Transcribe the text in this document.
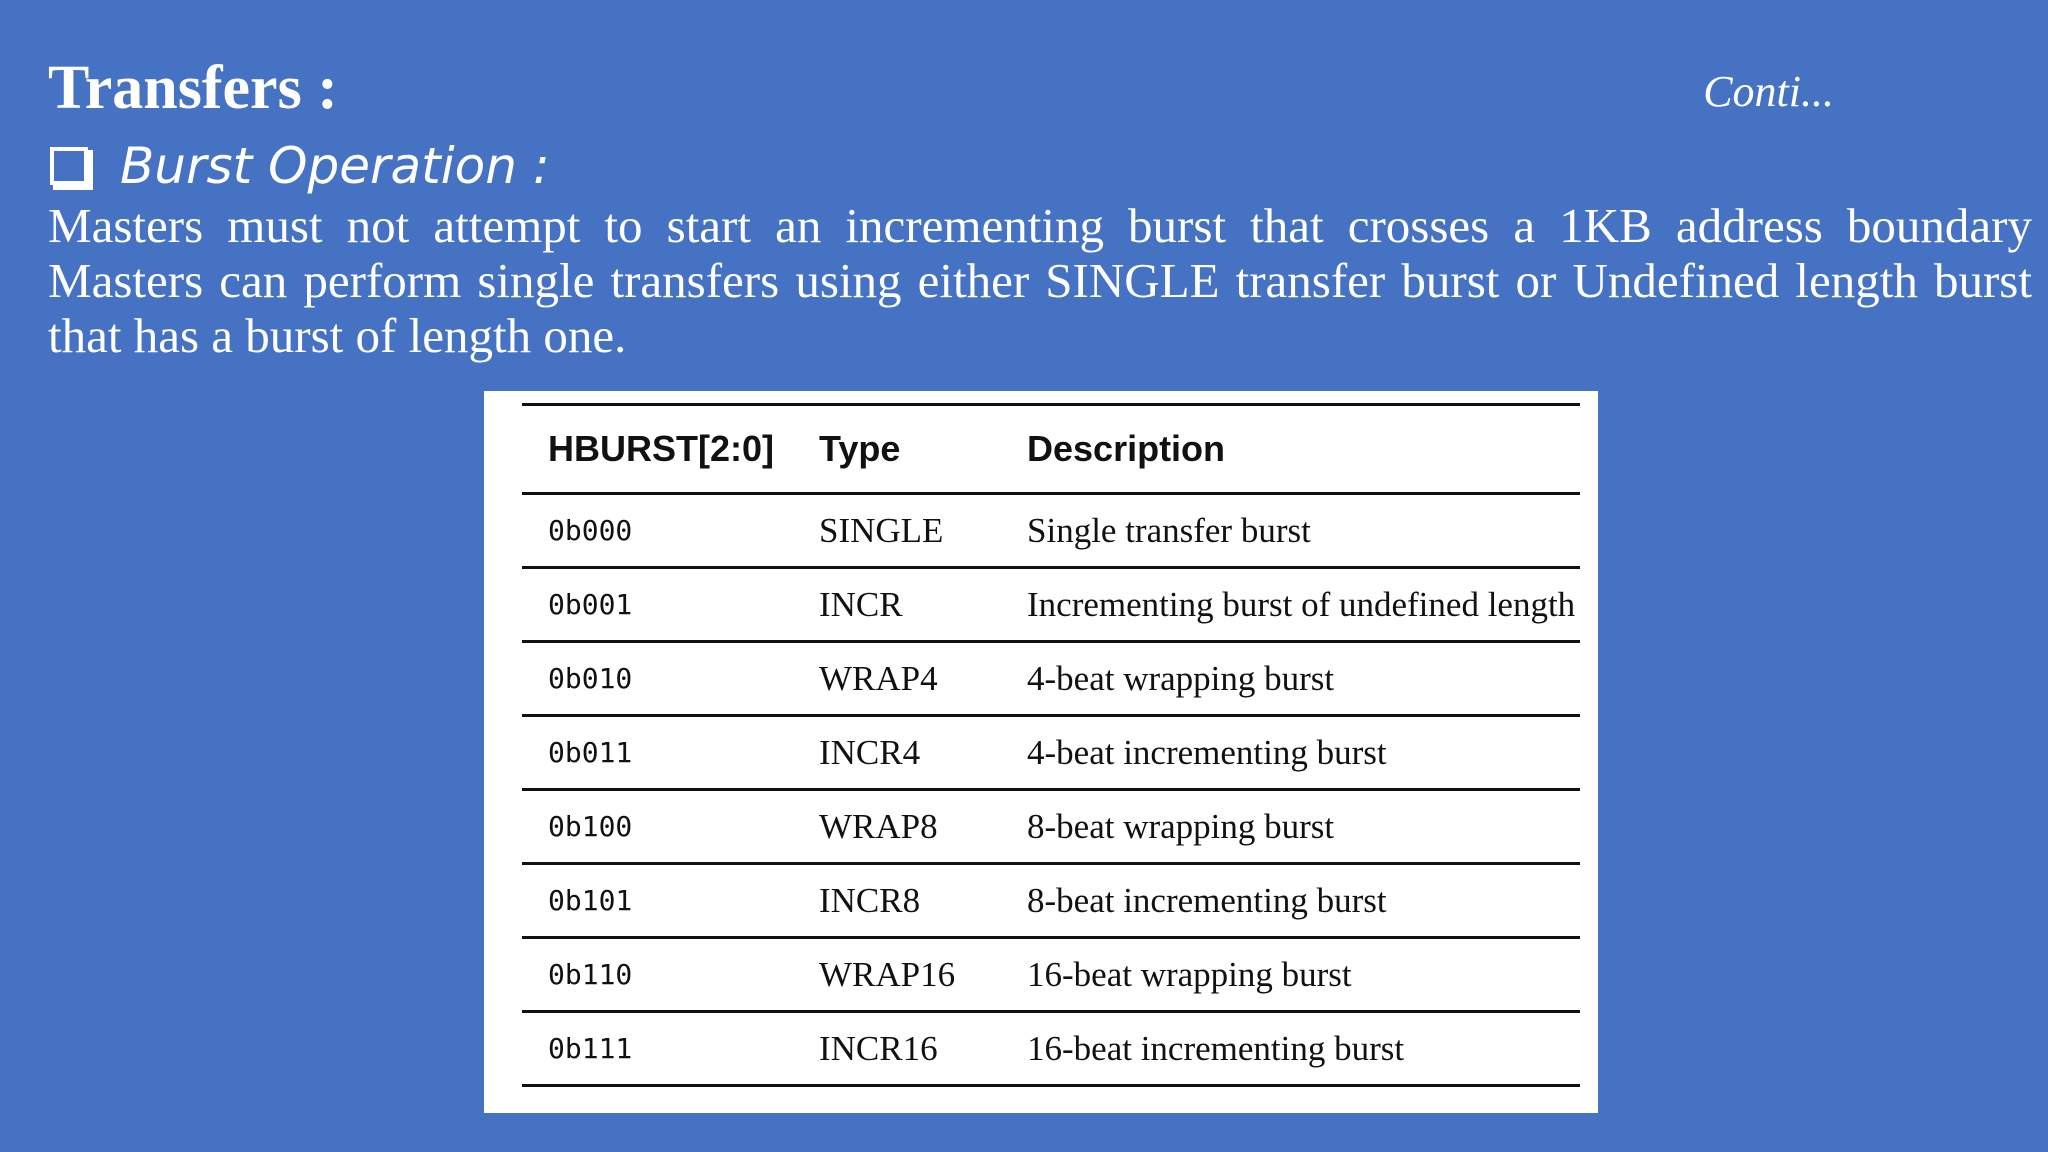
Transfers :	Conti...
Burst Operation :

Masters must not attempt to start an incrementing burst that crosses a 1KB address boundary Masters can perform single transfers using either SINGLE transfer burst or Undefined length burst that has a burst of length one.

HBURST[2:0]	Type	Description
0b000	SINGLE	Single transfer burst
0b001	INCR	Incrementing burst of undefined length
0b010	WRAP4	4-beat wrapping burst
0b011	INCR4	4-beat incrementing burst
0b100	WRAP8	8-beat wrapping burst
0b101	INCR8	8-beat incrementing burst
0b110	WRAP16	16-beat wrapping burst
0b111	INCR16	16-beat incrementing burst
